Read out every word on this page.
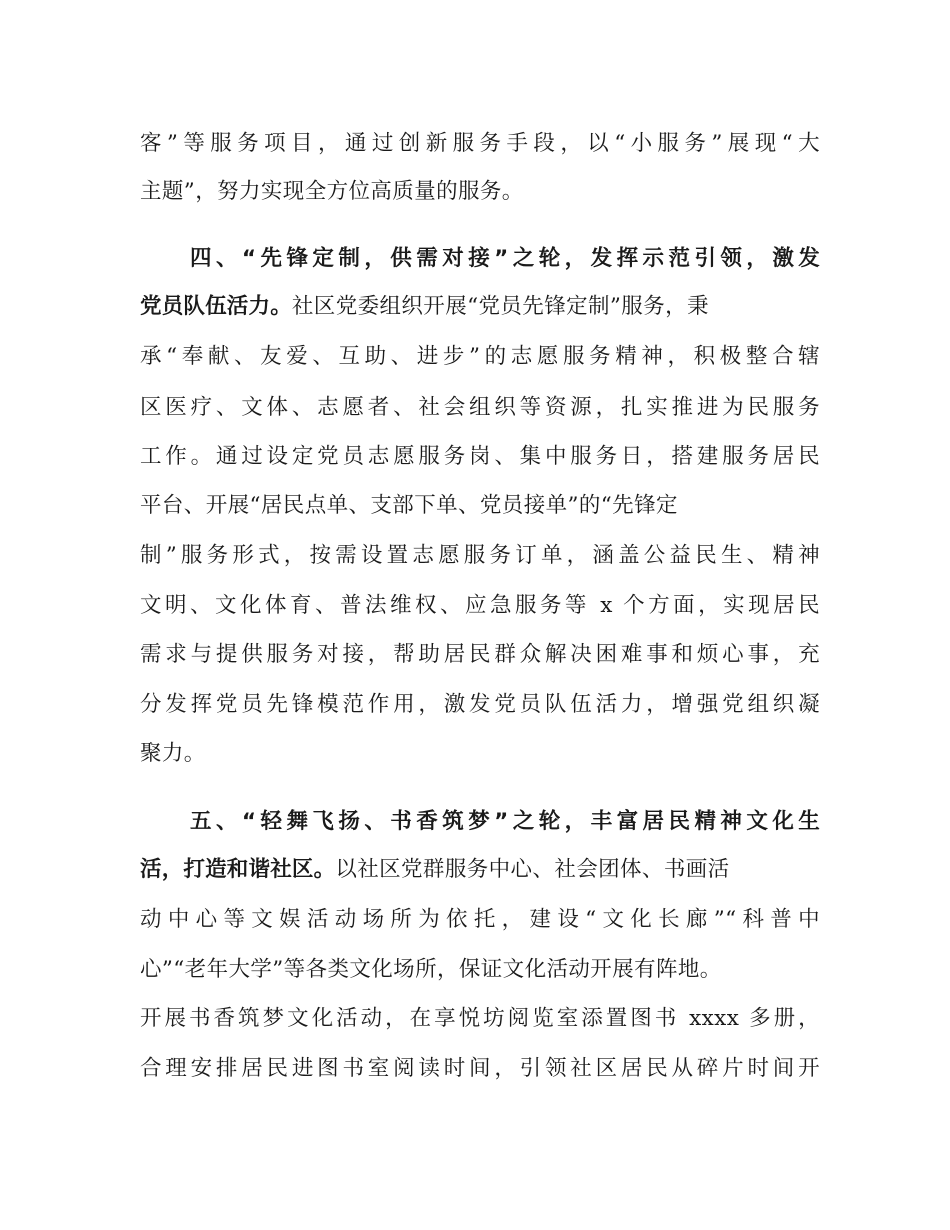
客”等服务项目，通过创新服务手段，以“小服务”展现“大
主题”，努力实现全方位高质量的服务。
四、“先锋定制，供需对接”之轮，发挥示范引领，激发
党员队伍活力。社区党委组织开展“党员先锋定制”服务，秉
承“奉献、友爱、互助、进步”的志愿服务精神，积极整合辖
区医疗、文体、志愿者、社会组织等资源，扎实推进为民服务
工作。通过设定党员志愿服务岗、集中服务日，搭建服务居民
平台、开展“居民点单、支部下单、党员接单”的“先锋定
制”服务形式，按需设置志愿服务订单，涵盖公益民生、精神
文明、文化体育、普法维权、应急服务等 x 个方面，实现居民
需求与提供服务对接，帮助居民群众解决困难事和烦心事，充
分发挥党员先锋模范作用，激发党员队伍活力，增强党组织凝
聚力。
五、“轻舞飞扬、书香筑梦”之轮，丰富居民精神文化生
活，打造和谐社区。以社区党群服务中心、社会团体、书画活
动中心等文娱活动场所为依托，建设“文化长廊”“科普中
心”“老年大学”等各类文化场所，保证文化活动开展有阵地。
开展书香筑梦文化活动，在享悦坊阅览室添置图书 xxxx 多册，
合理安排居民进图书室阅读时间，引领社区居民从碎片时间开
